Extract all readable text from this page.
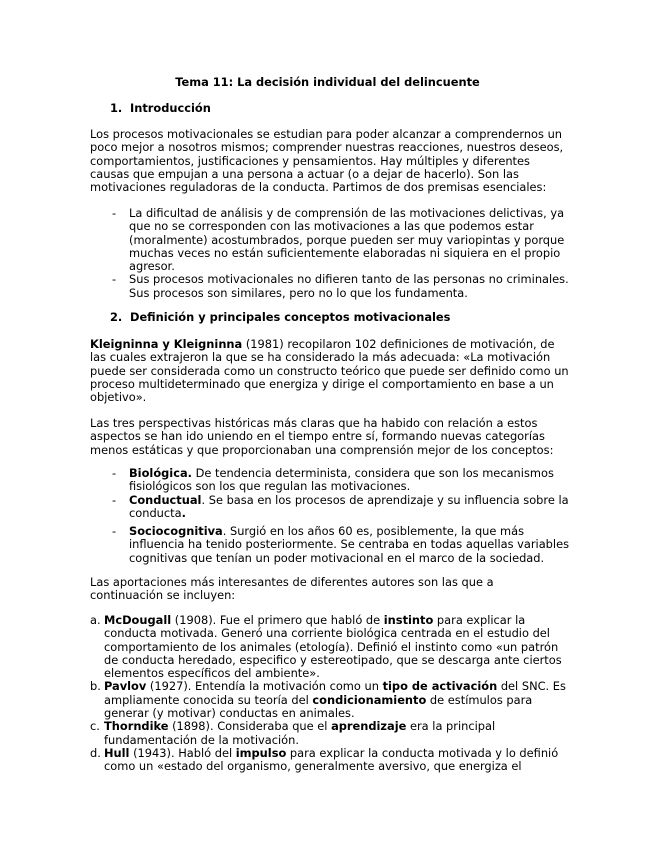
Tema 11: La decisión individual del delincuente
1. Introducción

Los procesos motivacionales se estudian para poder alcanzar a comprendernos un poco mejor a nosotros mismos; comprender nuestras reacciones, nuestros deseos, comportamientos, justificaciones y pensamientos. Hay múltiples y diferentes causas que empujan a una persona a actuar (o a dejar de hacerlo). Son las motivaciones reguladoras de la conducta. Partimos de dos premisas esenciales:

- La dificultad de análisis y de comprensión de las motivaciones delictivas, ya que no se corresponden con las motivaciones a las que podemos estar (moralmente) acostumbrados, porque pueden ser muy variopintas y porque muchas veces no están suficientemente elaboradas ni siquiera en el propio agresor.
- Sus procesos motivacionales no difieren tanto de las personas no criminales. Sus procesos son similares, pero no lo que los fundamenta.
2. Definición y principales conceptos motivacionales

Kleigninna y Kleigninna (1981) recopilaron 102 definiciones de motivación, de las cuales extrajeron la que se ha considerado la más adecuada: «La motivación puede ser considerada como un constructo teórico que puede ser definido como un proceso multideterminado que energiza y dirige el comportamiento en base a un objetivo».

Las tres perspectivas históricas más claras que ha habido con relación a estos aspectos se han ido uniendo en el tiempo entre sí, formando nuevas categorías menos estáticas y que proporcionaban una comprensión mejor de los conceptos:

- Biológica. De tendencia determinista, considera que son los mecanismos fisiológicos son los que regulan las motivaciones.
- Conductual. Se basa en los procesos de aprendizaje y su influencia sobre la conducta.
- Sociocognitiva. Surgió en los años 60 es, posiblemente, la que más influencia ha tenido posteriormente. Se centraba en todas aquellas variables cognitivas que tenían un poder motivacional en el marco de la sociedad.

Las aportaciones más interesantes de diferentes autores son las que a continuación se incluyen:

a. McDougall (1908). Fue el primero que habló de instinto para explicar la conducta motivada. Generó una corriente biológica centrada en el estudio del comportamiento de los animales (etología). Definió el instinto como «un patrón de conducta heredado, especifico y estereotipado, que se descarga ante ciertos elementos específicos del ambiente».
b. Pavlov (1927). Entendía la motivación como un tipo de activación del SNC. Es ampliamente conocida su teoría del condicionamiento de estímulos para generar (y motivar) conductas en animales.
c. Thorndike (1898). Consideraba que el aprendizaje era la principal fundamentación de la motivación.
d. Hull (1943). Habló del impulso para explicar la conducta motivada y lo definió como un «estado del organismo, generalmente aversivo, que energiza el
